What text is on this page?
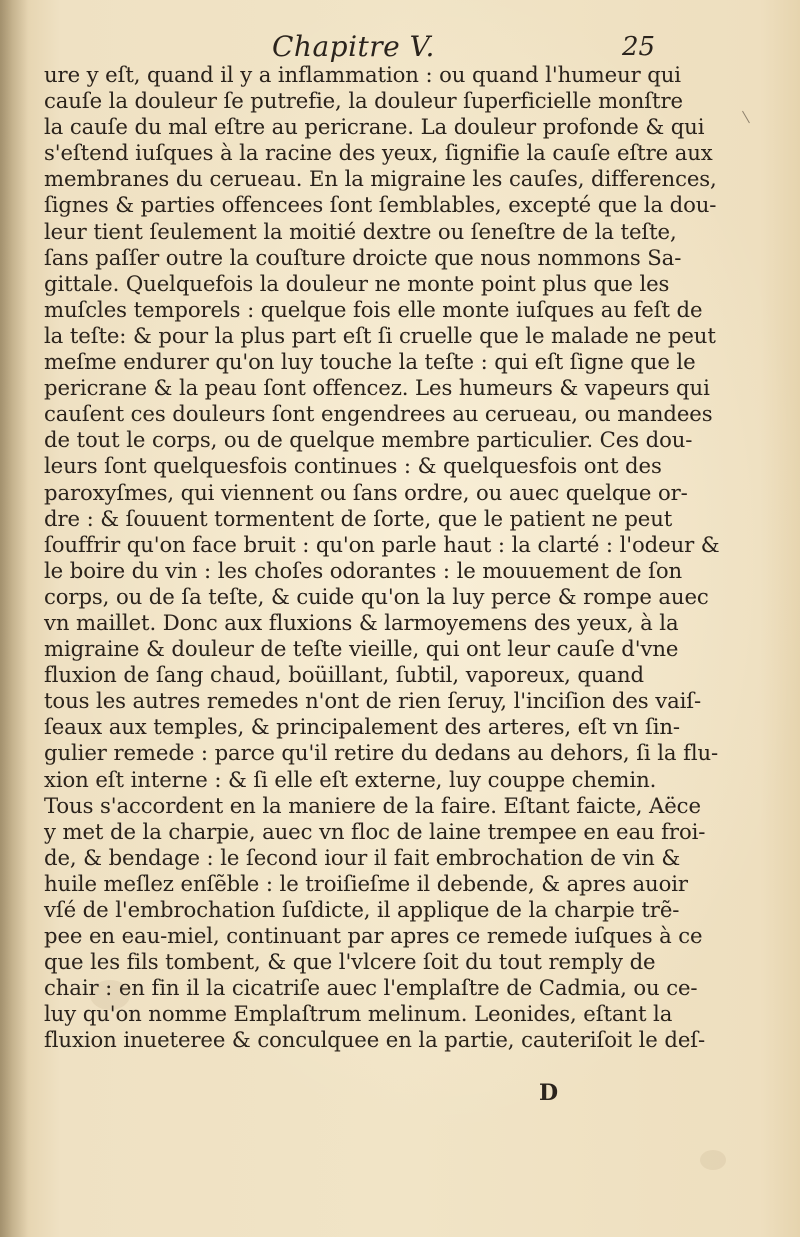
Chapitre V.	25
ure y eſt, quand il y a inflammation : ou quand l'humeur qui
cauſe la douleur ſe putrefie, la douleur ſuperficielle monſtre
la cauſe du mal eſtre au pericrane. La douleur profonde & qui
s'eſtend iuſques à la racine des yeux, ſignifie la cauſe eſtre aux
membranes du cerueau. En la migraine les cauſes, differences,
ſignes & parties offencees ſont ſemblables, excepté que la dou-
leur tient ſeulement la moitié dextre ou ſeneſtre de la teſte,
ſans paſſer outre la couſture droicte que nous nommons Sa-
gittale. Quelquefois la douleur ne monte point plus que les
muſcles temporels : quelque fois elle monte iuſques au feſt de
la teſte: & pour la plus part eſt ſi cruelle que le malade ne peut
meſme endurer qu'on luy touche la teſte : qui eſt ſigne que le
pericrane & la peau ſont offencez. Les humeurs & vapeurs qui
cauſent ces douleurs ſont engendrees au cerueau, ou mandees
de tout le corps, ou de quelque membre particulier. Ces dou-
leurs ſont quelquesfois continues : & quelquesfois ont des
paroxyſmes, qui viennent ou ſans ordre, ou auec quelque or-
dre : & ſouuent tormentent de ſorte, que le patient ne peut
ſouffrir qu'on face bruit : qu'on parle haut : la clarté : l'odeur &
le boire du vin : les choſes odorantes : le mouuement de ſon
corps, ou de ſa teſte, & cuide qu'on la luy perce & rompe auec
vn maillet. Donc aux fluxions & larmoyemens des yeux, à la
migraine & douleur de teſte vieille, qui ont leur cauſe d'vne
fluxion de ſang chaud, boüillant, ſubtil, vaporeux, quand
tous les autres remedes n'ont de rien ſeruy, l'inciſion des vaiſ-
ſeaux aux temples, & principalement des arteres, eſt vn ſin-
gulier remede : parce qu'il retire du dedans au dehors, ſi la flu-
xion eſt interne : & ſi elle eſt externe, luy couppe chemin.
Tous s'accordent en la maniere de la faire. Eſtant faicte, Aëce
y met de la charpie, auec vn floc de laine trempee en eau froi-
de, & bendage : le ſecond iour il fait embrochation de vin &
huile meſlez enſẽble : le troiſieſme il debende, & apres auoir
vſé de l'embrochation ſuſdicte, il applique de la charpie trẽ-
pee en eau-miel, continuant par apres ce remede iuſques à ce
que les fils tombent, & que l'vlcere ſoit du tout remply de
chair : en fin il la cicatriſe auec l'emplaſtre de Cadmia, ou ce-
luy qu'on nomme Emplaſtrum melinum. Leonides, eſtant la
fluxion inueteree & conculquee en la partie, cauteriſoit le deſ-
D
